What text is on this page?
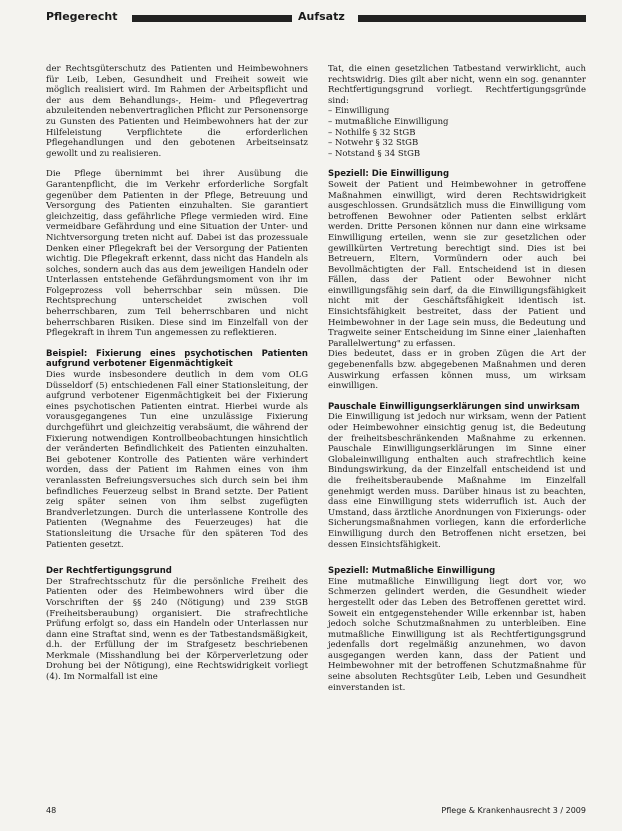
Pflegerecht	Aufsatz

der Rechtsgüterschutz des Patienten und Heimbewohners für Leib, Leben, Gesundheit und Freiheit soweit wie möglich realisiert wird. Im Rahmen der Arbeitspflicht und der aus dem Behandlungs-, Heim- und Pflegevertrag abzuleitenden nebenvertraglichen Pflicht zur Personensorge zu Gunsten des Patienten und Heimbewohners hat der zur Hilfeleistung Verpflichtete die erforderlichen Pflegehandlungen und den gebotenen Arbeitseinsatz gewollt und zu realisieren.

Die Pflege übernimmt bei ihrer Ausübung die Garantenpflicht, die im Verkehr erforderliche Sorgfalt gegenüber dem Patienten in der Pflege, Betreuung und Versorgung des Patienten einzuhalten. Sie garantiert gleichzeitig, dass gefährliche Pflege vermieden wird. Eine vermeidbare Gefährdung und eine Situation der Unter- und Nichtversorgung treten nicht auf. Dabei ist das prozessuale Denken einer Pflegekraft bei der Versorgung der Patienten wichtig. Die Pflegekraft erkennt, dass nicht das Handeln als solches, sondern auch das aus dem jeweiligen Handeln oder Unterlassen entstehende Gefährdungsmoment von ihr im Folgeprozess voll beherrschbar sein müssen. Die Rechtsprechung unterscheidet zwischen voll beherrschbaren, zum Teil beherrschbaren und nicht beherrschbaren Risiken. Diese sind im Einzelfall von der Pflegekraft in ihrem Tun angemessen zu reflektieren.

Beispiel: Fixierung eines psychotischen Patienten aufgrund verbotener Eigenmächtigkeit

Dies wurde insbesondere deutlich in dem vom OLG Düsseldorf (5) entschiedenen Fall einer Stationsleitung, der aufgrund verbotener Eigenmächtigkeit bei der Fixierung eines psychotischen Patienten eintrat. Hierbei wurde als vorausgegangenes Tun eine unzulässige Fixierung durchgeführt und gleichzeitig verabsäumt, die während der Fixierung notwendigen Kontrollbeobachtungen hinsichtlich der veränderten Befindlichkeit des Patienten einzuhalten. Bei gebotener Kontrolle des Patienten wäre verhindert worden, dass der Patient im Rahmen eines von ihm veranlassten Befreiungsversuches sich durch sein bei ihm befindliches Feuerzeug selbst in Brand setzte. Der Patient zeig später seinen von ihm selbst zugefügten Brandverletzungen. Durch die unterlassene Kontrolle des Patienten (Wegnahme des Feuerzeuges) hat die Stationsleitung die Ursache für den späteren Tod des Patienten gesetzt.

Der Rechtfertigungsgrund

Der Strafrechtsschutz für die persönliche Freiheit des Patienten oder des Heimbewohners wird über die Vorschriften der §§ 240 (Nötigung) und 239 StGB (Freiheitsberaubung) organisiert. Die strafrechtliche Prüfung erfolgt so, dass ein Handeln oder Unterlassen nur dann eine Straftat sind, wenn es der Tatbestandsmäßigkeit, d.h. der Erfüllung der im Strafgesetz beschriebenen Merkmale (Misshandlung bei der Körperverletzung oder Drohung bei der Nötigung), eine Rechtswidrigkeit vorliegt (4). Im Normalfall ist eine

Tat, die einen gesetzlichen Tatbestand verwirklicht, auch rechtswidrig. Dies gilt aber nicht, wenn ein sog. genannter Rechtfertigungsgrund vorliegt. Rechtfertigungsgründe sind:

– Einwilligung
– mutmaßliche Einwilligung
– Nothilfe § 32 StGB
– Notwehr § 32 StGB
– Notstand § 34 StGB
Speziell: Die Einwilligung

Soweit der Patient und Heimbewohner in getroffene Maßnahmen einwilligt, wird deren Rechtswidrigkeit ausgeschlossen. Grundsätzlich muss die Einwilligung vom betroffenen Bewohner oder Patienten selbst erklärt werden. Dritte Personen können nur dann eine wirksame Einwilligung erteilen, wenn sie zur gesetzlichen oder gewillkürten Vertretung berechtigt sind. Dies ist bei Betreuern, Eltern, Vormündern oder auch bei Bevollmächtigten der Fall. Entscheidend ist in diesen Fällen, dass der Patient oder Bewohner nicht einwilligungsfähig sein darf, da die Einwilligungsfähigkeit nicht mit der Geschäftsfähigkeit identisch ist. Einsichtsfähigkeit bestreitet, dass der Patient und Heimbewohner in der Lage sein muss, die Bedeutung und Tragweite seiner Entscheidung im Sinne einer „laienhaften Parallelwertung" zu erfassen.

Dies bedeutet, dass er in groben Zügen die Art der gegebenenfalls bzw. abgegebenen Maßnahmen und deren Auswirkung erfassen können muss, um wirksam einwilligen.

Pauschale Einwilligungserklärungen sind unwirksam

Die Einwilligung ist jedoch nur wirksam, wenn der Patient oder Heimbewohner einsichtig genug ist, die Bedeutung der freiheitsbeschränkenden Maßnahme zu erkennen. Pauschale Einwilligungserklärungen im Sinne einer Globaleinwilligung enthalten auch strafrechtlich keine Bindungswirkung, da der Einzelfall entscheidend ist und die freiheitsberaubende Maßnahme im Einzelfall genehmigt werden muss. Darüber hinaus ist zu beachten, dass eine Einwilligung stets widerruflich ist. Auch der Umstand, dass ärztliche Anordnungen von Fixierungs- oder Sicherungsmaßnahmen vorliegen, kann die erforderliche Einwilligung durch den Betroffenen nicht ersetzen, bei dessen Einsichtsfähigkeit.

Speziell: Mutmaßliche Einwilligung

Eine mutmaßliche Einwilligung liegt dort vor, wo Schmerzen gelindert werden, die Gesundheit wieder hergestellt oder das Leben des Betroffenen gerettet wird. Soweit ein entgegenstehender Wille erkennbar ist, haben jedoch solche Schutzmaßnahmen zu unterbleiben. Eine mutmaßliche Einwilligung ist als Rechtfertigungsgrund jedenfalls dort regelmäßig anzunehmen, wo davon ausgegangen werden kann, dass der Patient und Heimbewohner mit der betroffenen Schutzmaßnahme für seine absoluten Rechtsgüter Leib, Leben und Gesundheit einverstanden ist.

48	Pflege & Krankenhausrecht 3 / 2009
